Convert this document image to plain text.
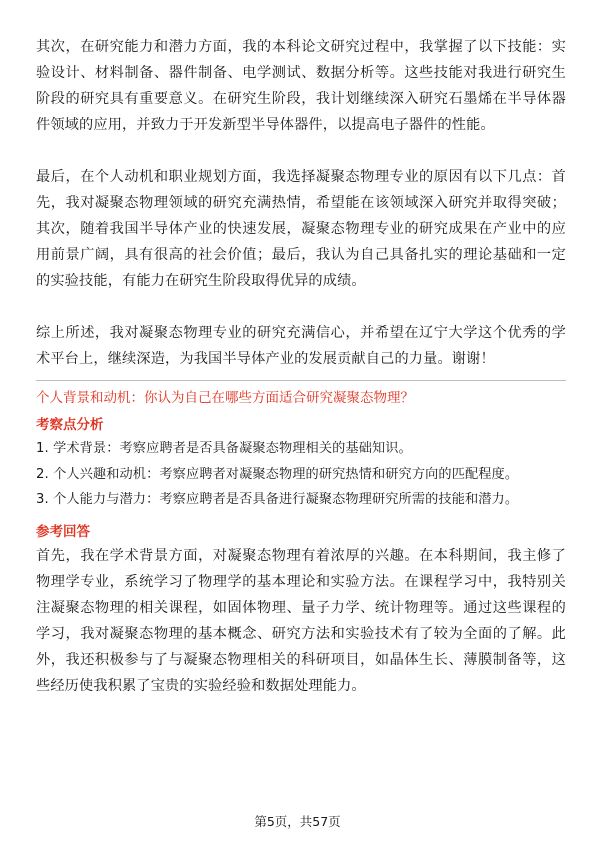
其次，在研究能力和潜力方面，我的本科论文研究过程中，我掌握了以下技能：实验设计、材料制备、器件制备、电学测试、数据分析等。这些技能对我进行研究生阶段的研究具有重要意义。在研究生阶段，我计划继续深入研究石墨烯在半导体器件领域的应用，并致力于开发新型半导体器件，以提高电子器件的性能。

最后，在个人动机和职业规划方面，我选择凝聚态物理专业的原因有以下几点：首先，我对凝聚态物理领域的研究充满热情，希望能在该领域深入研究并取得突破；其次，随着我国半导体产业的快速发展，凝聚态物理专业的研究成果在产业中的应用前景广阔，具有很高的社会价值；最后，我认为自己具备扎实的理论基础和一定的实验技能，有能力在研究生阶段取得优异的成绩。

综上所述，我对凝聚态物理专业的研究充满信心，并希望在辽宁大学这个优秀的学术平台上，继续深造，为我国半导体产业的发展贡献自己的力量。谢谢！

个人背景和动机：你认为自己在哪些方面适合研究凝聚态物理？

考察点分析

1. 学术背景：考察应聘者是否具备凝聚态物理相关的基础知识。

2. 个人兴趣和动机：考察应聘者对凝聚态物理的研究热情和研究方向的匹配程度。

3. 个人能力与潜力：考察应聘者是否具备进行凝聚态物理研究所需的技能和潜力。

参考回答

首先，我在学术背景方面，对凝聚态物理有着浓厚的兴趣。在本科期间，我主修了物理学专业，系统学习了物理学的基本理论和实验方法。在课程学习中，我特别关注凝聚态物理的相关课程，如固体物理、量子力学、统计物理等。通过这些课程的学习，我对凝聚态物理的基本概念、研究方法和实验技术有了较为全面的了解。此外，我还积极参与了与凝聚态物理相关的科研项目，如晶体生长、薄膜制备等，这些经历使我积累了宝贵的实验经验和数据处理能力。

第5页，共57页
